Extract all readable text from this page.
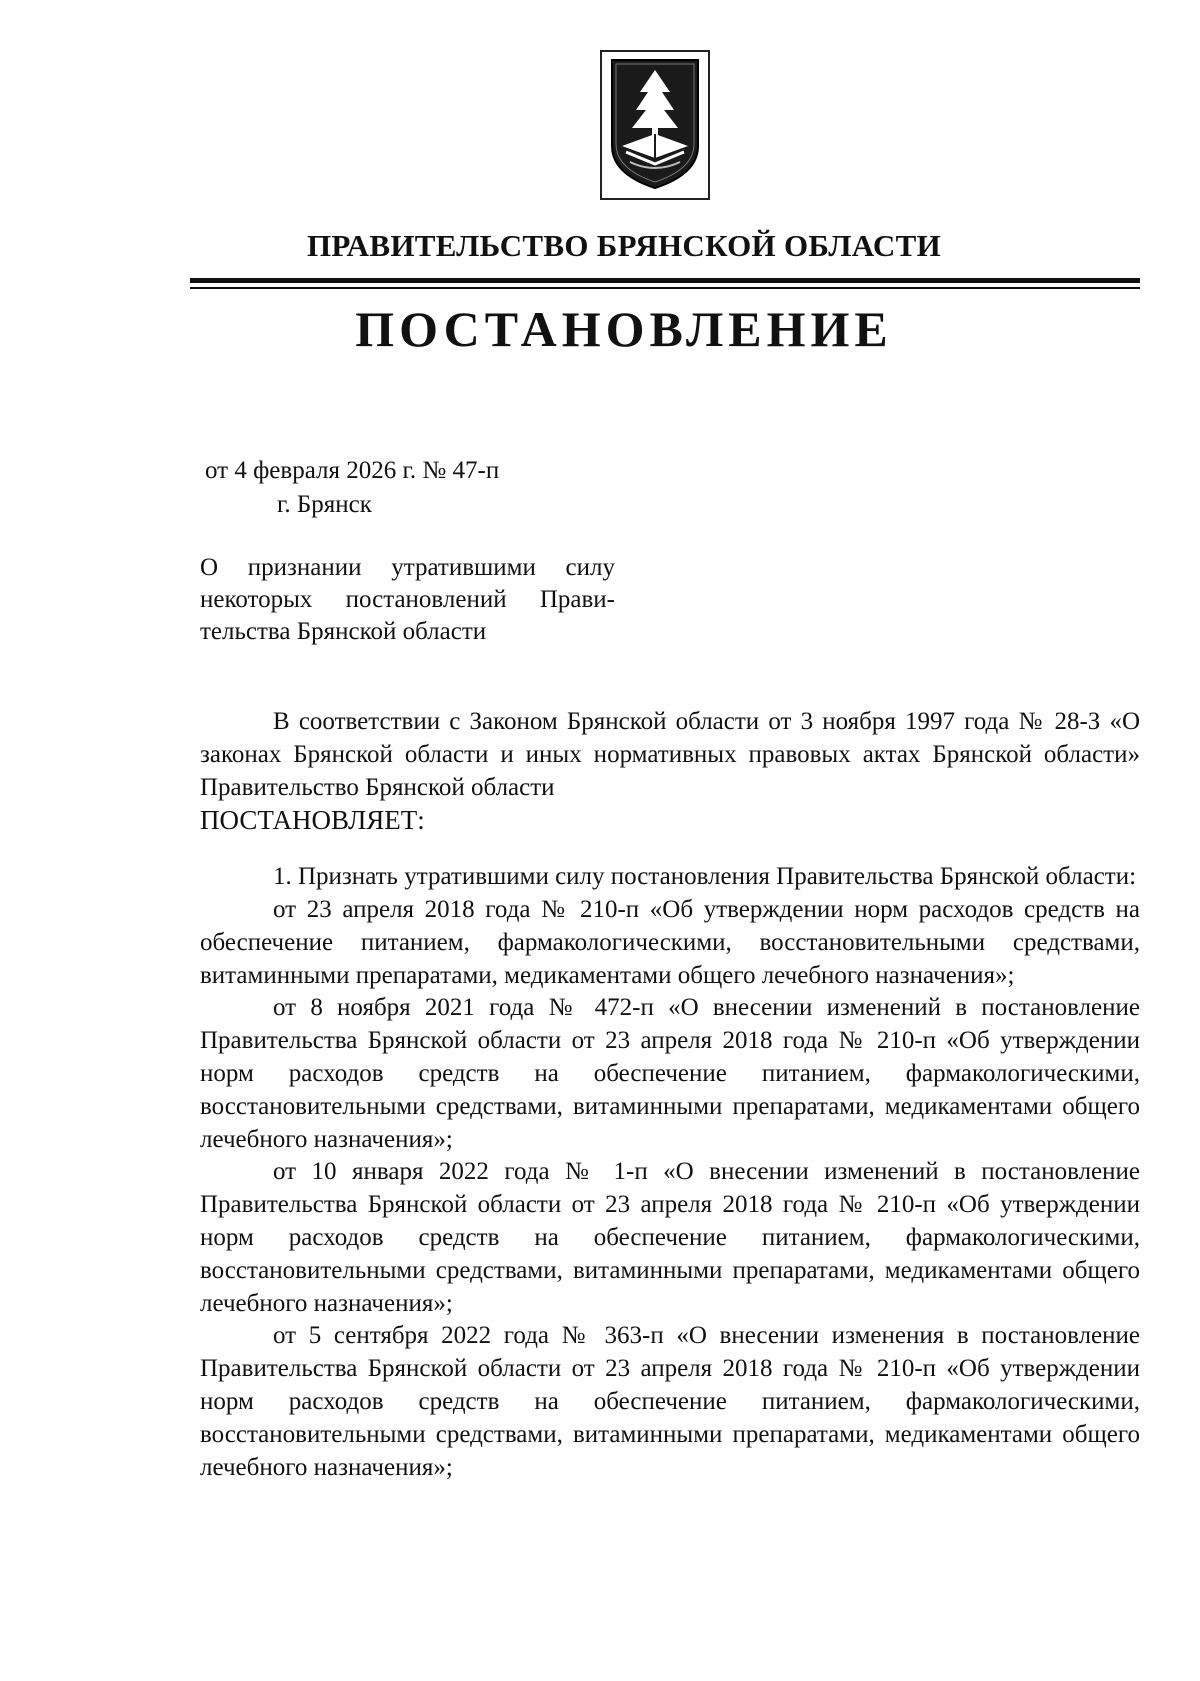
ПРАВИТЕЛЬСТВО БРЯНСКОЙ ОБЛАСТИ
ПОСТАНОВЛЕНИЕ
от 4 февраля 2026 г. № 47-п
г. Брянск
О признании утратившими силу
некоторых постановлений Прави-
тельства Брянской области

В соответствии с Законом Брянской области от 3 ноября 1997 года № 28-З «О законах Брянской области и иных нормативных правовых актах Брянской области» Правительство Брянской области

ПОСТАНОВЛЯЕТ:

1. Признать утратившими силу постановления Правительства Брянской области:

от 23 апреля 2018 года № 210-п «Об утверждении норм расходов средств на обеспечение питанием, фармакологическими, восстановительными средствами, витаминными препаратами, медикаментами общего лечебного назначения»;

от 8 ноября 2021 года № 472-п «О внесении изменений в постановление Правительства Брянской области от 23 апреля 2018 года № 210-п «Об утверждении норм расходов средств на обеспечение питанием, фармакологическими, восстановительными средствами, витаминными препаратами, медикаментами общего лечебного назначения»;

от 10 января 2022 года № 1-п «О внесении изменений в постановление Правительства Брянской области от 23 апреля 2018 года № 210-п «Об утверждении норм расходов средств на обеспечение питанием, фармакологическими, восстановительными средствами, витаминными препаратами, медикаментами общего лечебного назначения»;

от 5 сентября 2022 года № 363-п «О внесении изменения в постановление Правительства Брянской области от 23 апреля 2018 года № 210-п «Об утверждении норм расходов средств на обеспечение питанием, фармакологическими, восстановительными средствами, витаминными препаратами, медикаментами общего лечебного назначения»;
